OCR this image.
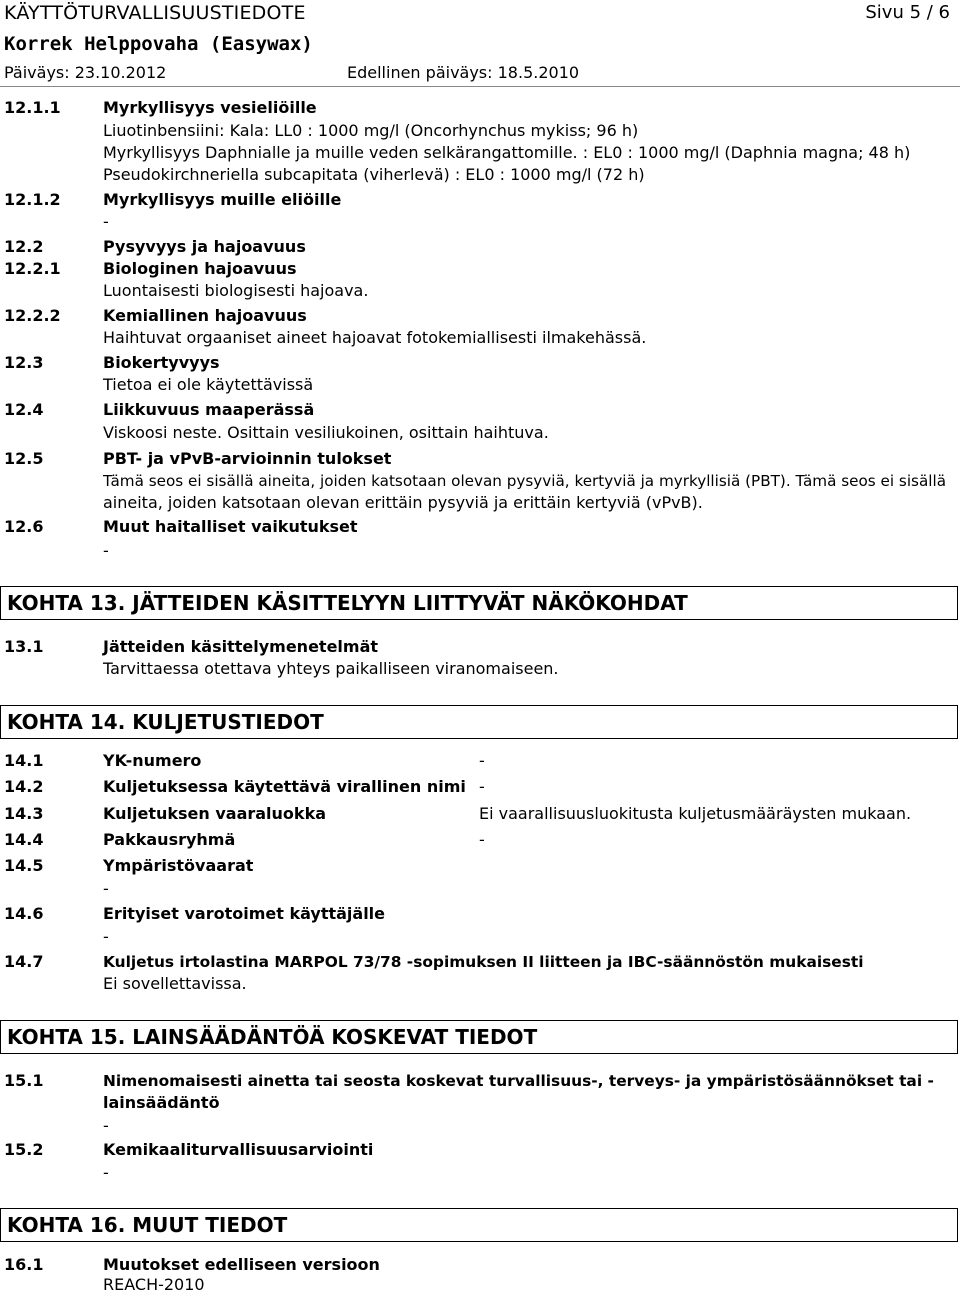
KÄYTTÖTURVALLISUUSTIEDOTE	Sivu 5 / 6
Korrek Helppovaha (Easywax)
Päiväys: 23.10.2012	Edellinen päiväys: 18.5.2010
12.1.1	Myrkyllisyys vesieliöille
Liuotinbensiini: Kala: LL0 : 1000 mg/l (Oncorhynchus mykiss; 96 h)
Myrkyllisyys Daphnialle ja muille veden selkärangattomille. : EL0 : 1000 mg/l (Daphnia magna; 48 h)
Pseudokirchneriella subcapitata (viherlevä) : EL0 : 1000 mg/l (72 h)
12.1.2	Myrkyllisyys muille eliöille
-
12.2	Pysyvyys ja hajoavuus
12.2.1	Biologinen hajoavuus
Luontaisesti biologisesti hajoava.
12.2.2	Kemiallinen hajoavuus
Haihtuvat orgaaniset aineet hajoavat fotokemiallisesti ilmakehässä.
12.3	Biokertyvyys
Tietoa ei ole käytettävissä
12.4	Liikkuvuus maaperässä
Viskoosi neste. Osittain vesiliukoinen, osittain haihtuva.
12.5	PBT- ja vPvB-arvioinnin tulokset
Tämä seos ei sisällä aineita, joiden katsotaan olevan pysyviä, kertyviä ja myrkyllisiä (PBT). Tämä seos ei sisällä
aineita, joiden katsotaan olevan erittäin pysyviä ja erittäin kertyviä (vPvB).
12.6	Muut haitalliset vaikutukset
-
KOHTA 13. JÄTTEIDEN KÄSITTELYYN LIITTYVÄT NÄKÖKOHDAT
13.1	Jätteiden käsittelymenetelmät
Tarvittaessa otettava yhteys paikalliseen viranomaiseen.
KOHTA 14. KULJETUSTIEDOT
14.1	YK-numero	-
14.2	Kuljetuksessa käytettävä virallinen nimi -
14.3	Kuljetuksen vaaraluokka	Ei vaarallisuusluokitusta kuljetusmääräysten mukaan.
14.4	Pakkausryhmä	-
14.5	Ympäristövaarat
-
14.6	Erityiset varotoimet käyttäjälle
-
14.7	Kuljetus irtolastina MARPOL 73/78 -sopimuksen II liitteen ja IBC-säännöstön mukaisesti
Ei sovellettavissa.
KOHTA 15. LAINSÄÄDÄNTÖÄ KOSKEVAT TIEDOT
15.1	Nimenomaisesti ainetta tai seosta koskevat turvallisuus-, terveys- ja ympäristösäännökset tai -
lainsäädäntö
-
15.2	Kemikaaliturvallisuusarviointi
-
KOHTA 16. MUUT TIEDOT
16.1	Muutokset edelliseen versioon
REACH-2010
